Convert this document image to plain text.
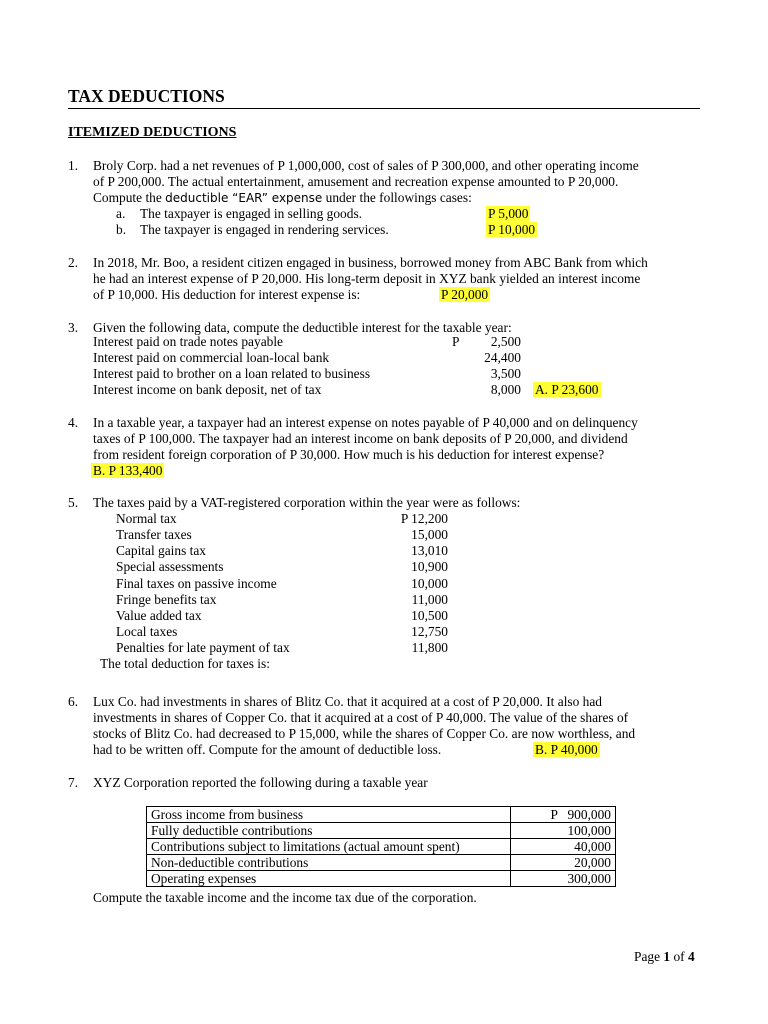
TAX DEDUCTIONS
ITEMIZED DEDUCTIONS
1. Broly Corp. had a net revenues of P 1,000,000, cost of sales of P 300,000, and other operating income
of P 200,000. The actual entertainment, amusement and recreation expense amounted to P 20,000.
Compute the deductible “EAR” expense under the followings cases:
a. The taxpayer is engaged in selling goods.	P 5,000
b. The taxpayer is engaged in rendering services.	P 10,000
2. In 2018, Mr. Boo, a resident citizen engaged in business, borrowed money from ABC Bank from which
he had an interest expense of P 20,000. His long-term deposit in XYZ bank yielded an interest income
of P 10,000. His deduction for interest expense is:	P 20,000
3. Given the following data, compute the deductible interest for the taxable year:
Interest paid on trade notes payable	P	2,500
Interest paid on commercial loan-local bank	24,400
Interest paid to brother on a loan related to business	3,500
Interest income on bank deposit, net of tax	8,000 A. P 23,600
4. In a taxable year, a taxpayer had an interest expense on notes payable of P 40,000 and on delinquency
taxes of P 100,000. The taxpayer had an interest income on bank deposits of P 20,000, and dividend
from resident foreign corporation of P 30,000. How much is his deduction for interest expense?
B. P 133,400
5. The taxes paid by a VAT-registered corporation within the year were as follows:
Normal tax	P 12,200
Transfer taxes	15,000
Capital gains tax	13,010
Special assessments	10,900
Final taxes on passive income	10,000
Fringe benefits tax	11,000
Value added tax	10,500
Local taxes	12,750
Penalties for late payment of tax	11,800
The total deduction for taxes is:
6. Lux Co. had investments in shares of Blitz Co. that it acquired at a cost of P 20,000. It also had
investments in shares of Copper Co. that it acquired at a cost of P 40,000. The value of the shares of
stocks of Blitz Co. had decreased to P 15,000, while the shares of Copper Co. are now worthless, and
had to be written off. Compute for the amount of deductible loss.	B. P 40,000
7. XYZ Corporation reported the following during a taxable year
Gross income from business	P   900,000
Fully deductible contributions	100,000
Contributions subject to limitations (actual amount spent)	40,000
Non-deductible contributions	20,000
Operating expenses	300,000
Compute the taxable income and the income tax due of the corporation.
Page 1 of 4
